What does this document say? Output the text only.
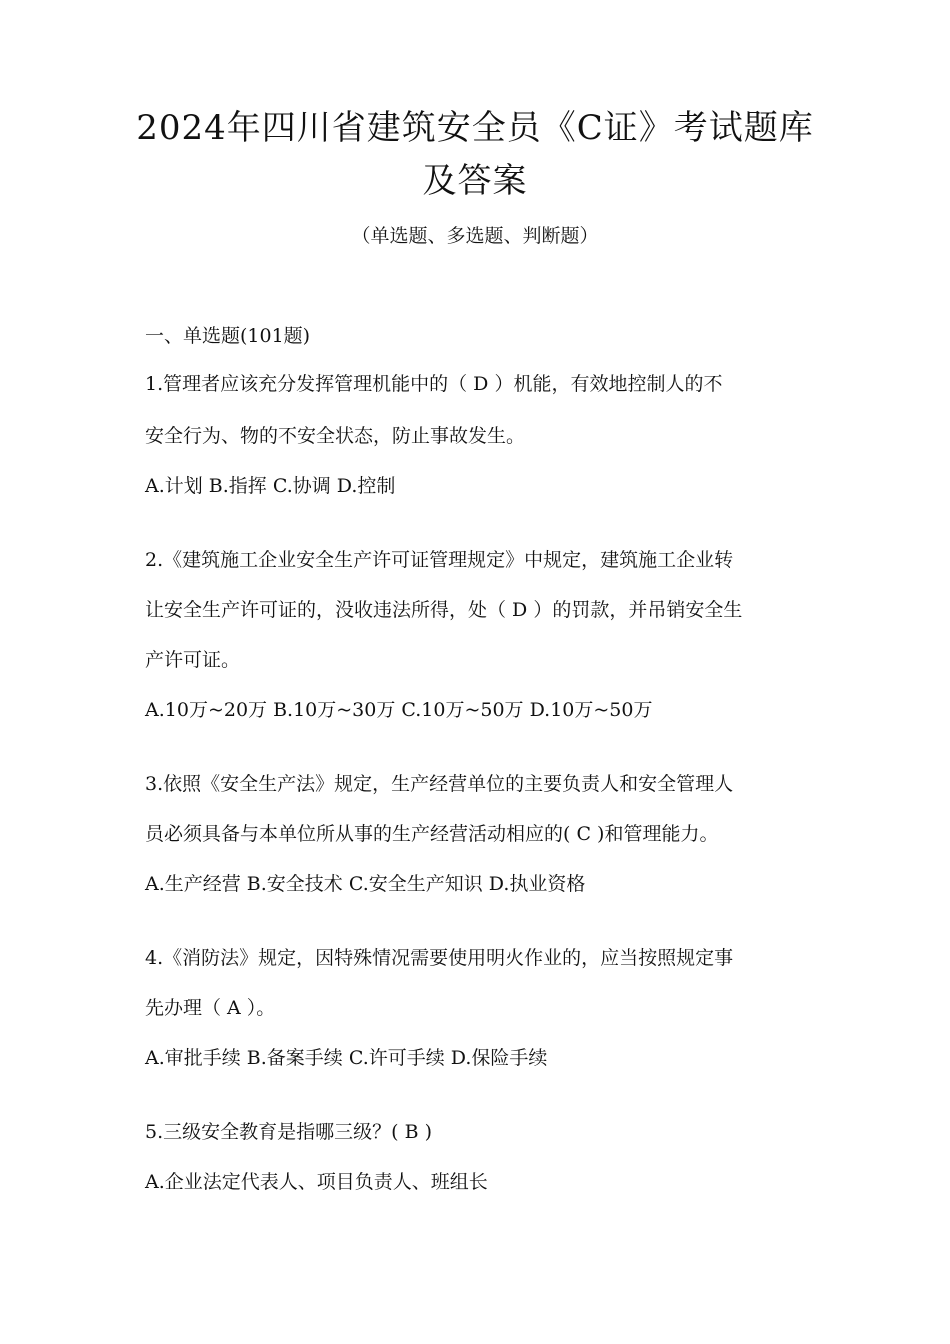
2024年四川省建筑安全员《C证》考试题库
及答案
（单选题、多选题、判断题）
一、单选题(101题)
1.管理者应该充分发挥管理机能中的（ D ）机能，有效地控制人的不
安全行为、物的不安全状态，防止事故发生。
A.计划 B.指挥 C.协调 D.控制
2.《建筑施工企业安全生产许可证管理规定》中规定，建筑施工企业转
让安全生产许可证的，没收违法所得，处（ D ）的罚款，并吊销安全生
产许可证。
A.10万~20万 B.10万~30万 C.10万~50万 D.10万~50万
3.依照《安全生产法》规定，生产经营单位的主要负责人和安全管理人
员必须具备与本单位所从事的生产经营活动相应的( C )和管理能力。
A.生产经营 B.安全技术 C.安全生产知识 D.执业资格
4.《消防法》规定，因特殊情况需要使用明火作业的，应当按照规定事
先办理（ A ）。
A.审批手续 B.备案手续 C.许可手续 D.保险手续
5.三级安全教育是指哪三级？( B )
A.企业法定代表人、项目负责人、班组长
